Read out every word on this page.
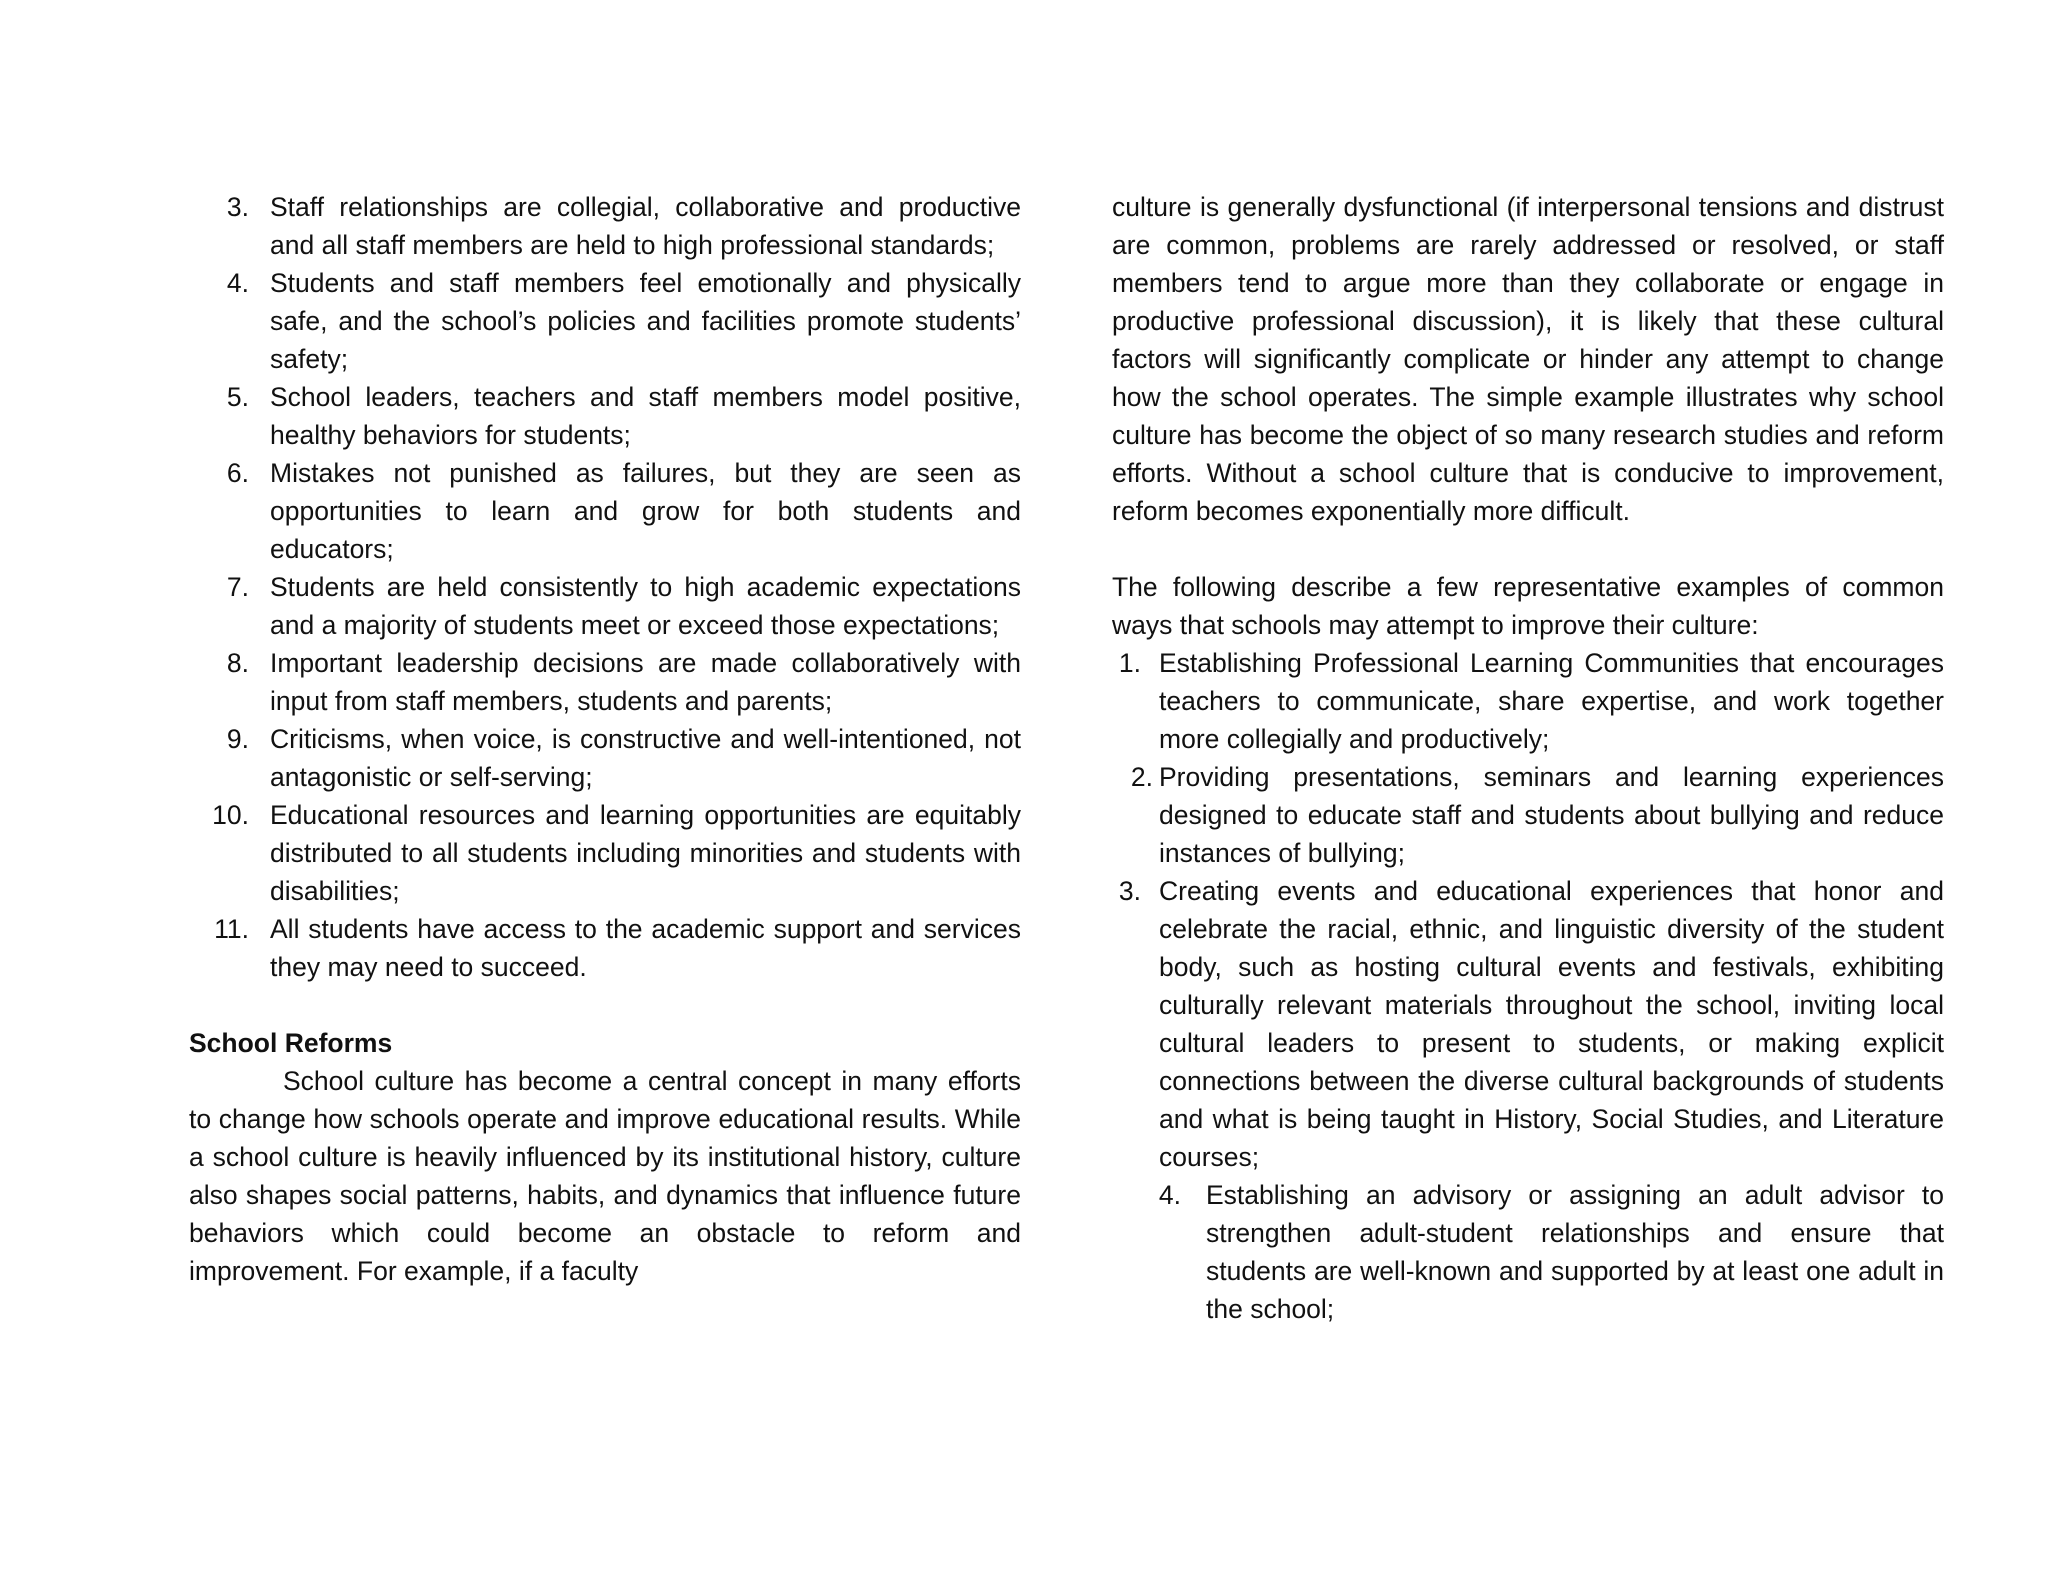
3. Staff relationships are collegial, collaborative and productive and all staff members are held to high professional standards;
4. Students and staff members feel emotionally and physically safe, and the school’s policies and facilities promote students’ safety;
5. School leaders, teachers and staff members model positive, healthy behaviors for students;
6. Mistakes not punished as failures, but they are seen as opportunities to learn and grow for both students and educators;
7. Students are held consistently to high academic expectations and a majority of students meet or exceed those expectations;
8. Important leadership decisions are made collaboratively with input from staff members, students and parents;
9. Criticisms, when voice, is constructive and well-intentioned, not antagonistic or self-serving;
10. Educational resources and learning opportunities are equitably distributed to all students including minorities and students with disabilities;
11. All students have access to the academic support and services they may need to succeed.
School Reforms

School culture has become a central concept in many efforts to change how schools operate and improve educational results. While a school culture is heavily influenced by its institutional history, culture also shapes social patterns, habits, and dynamics that influence future behaviors which could become an obstacle to reform and improvement. For example, if a faculty

culture is generally dysfunctional (if interpersonal tensions and distrust are common, problems are rarely addressed or resolved, or staff members tend to argue more than they collaborate or engage in productive professional discussion), it is likely that these cultural factors will significantly complicate or hinder any attempt to change how the school operates. The simple example illustrates why school culture has become the object of so many research studies and reform efforts. Without a school culture that is conducive to improvement, reform becomes exponentially more difficult.

The following describe a few representative examples of common ways that schools may attempt to improve their culture:

1. Establishing Professional Learning Communities that encourages teachers to communicate, share expertise, and work together more collegially and productively;
2. Providing presentations, seminars and learning experiences designed to educate staff and students about bullying and reduce instances of bullying;
3. Creating events and educational experiences that honor and celebrate the racial, ethnic, and linguistic diversity of the student body, such as hosting cultural events and festivals, exhibiting culturally relevant materials throughout the school, inviting local cultural leaders to present to students, or making explicit connections between the diverse cultural backgrounds of students and what is being taught in History, Social Studies, and Literature courses;
4. Establishing an advisory or assigning an adult advisor to strengthen adult-student relationships and ensure that students are well-known and supported by at least one adult in the school;
